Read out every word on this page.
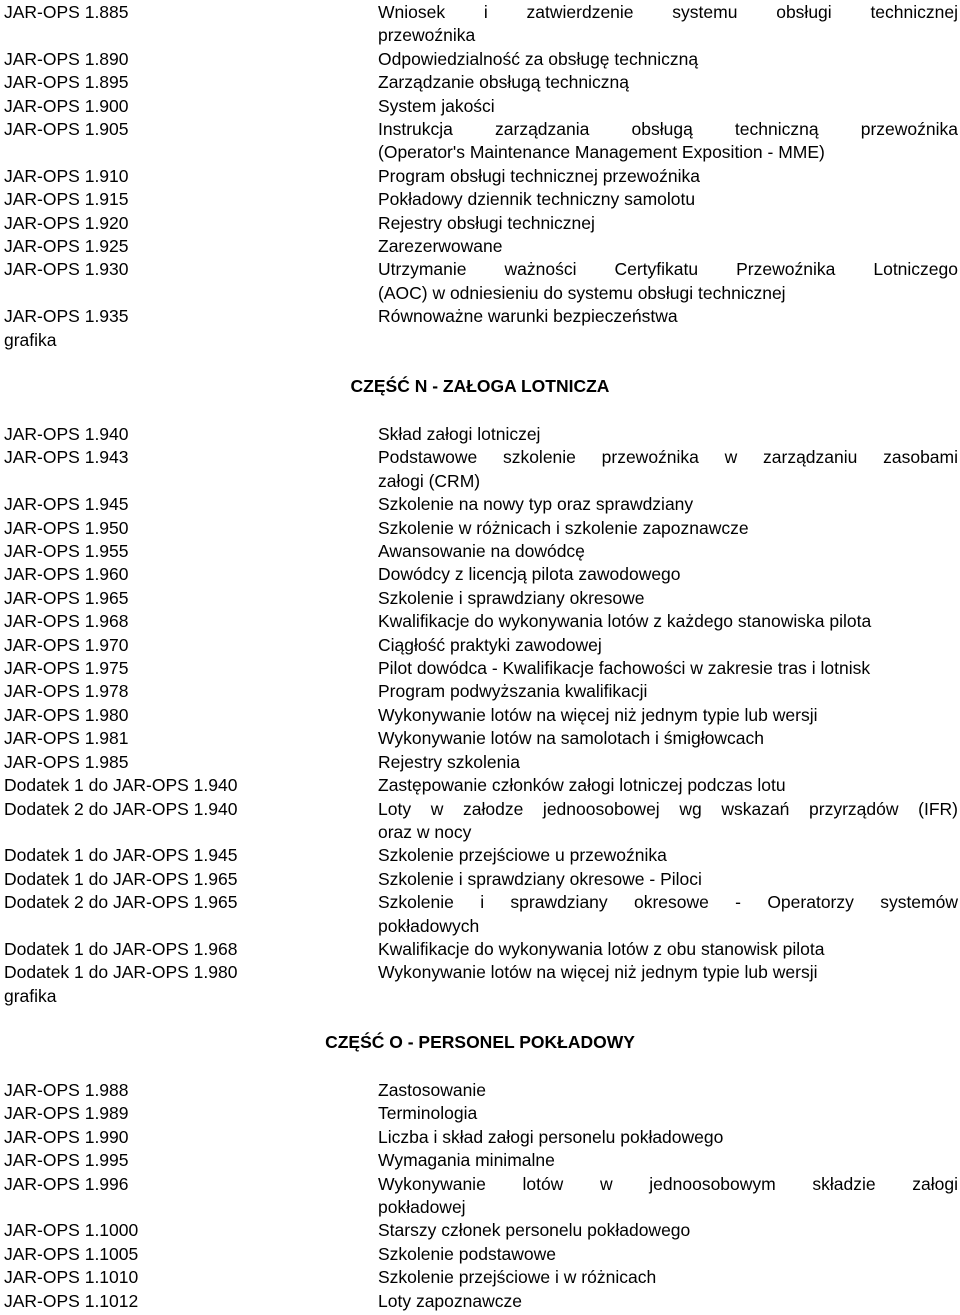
JAR-OPS 1.885	Wniosek i zatwierdzenie systemu obsługi technicznej
przewoźnika
JAR-OPS 1.890	Odpowiedzialność za obsługę techniczną
JAR-OPS 1.895	Zarządzanie obsługą techniczną
JAR-OPS 1.900	System jakości
JAR-OPS 1.905	Instrukcja zarządzania obsługą techniczną przewoźnika
(Operator's Maintenance Management Exposition - MME)
JAR-OPS 1.910	Program obsługi technicznej przewoźnika
JAR-OPS 1.915	Pokładowy dziennik techniczny samolotu
JAR-OPS 1.920	Rejestry obsługi technicznej
JAR-OPS 1.925	Zarezerwowane
JAR-OPS 1.930	Utrzymanie ważności Certyfikatu Przewoźnika Lotniczego
(AOC) w odniesieniu do systemu obsługi technicznej
JAR-OPS 1.935	Równoważne warunki bezpieczeństwa
grafika
CZĘŚĆ N - ZAŁOGA LOTNICZA
JAR-OPS 1.940	Skład załogi lotniczej
JAR-OPS 1.943	Podstawowe szkolenie przewoźnika w zarządzaniu zasobami
załogi (CRM)
JAR-OPS 1.945	Szkolenie na nowy typ oraz sprawdziany
JAR-OPS 1.950	Szkolenie w różnicach i szkolenie zapoznawcze
JAR-OPS 1.955	Awansowanie na dowódcę
JAR-OPS 1.960	Dowódcy z licencją pilota zawodowego
JAR-OPS 1.965	Szkolenie i sprawdziany okresowe
JAR-OPS 1.968	Kwalifikacje do wykonywania lotów z każdego stanowiska pilota
JAR-OPS 1.970	Ciągłość praktyki zawodowej
JAR-OPS 1.975	Pilot dowódca - Kwalifikacje fachowości w zakresie tras i lotnisk
JAR-OPS 1.978	Program podwyższania kwalifikacji
JAR-OPS 1.980	Wykonywanie lotów na więcej niż jednym typie lub wersji
JAR-OPS 1.981	Wykonywanie lotów na samolotach i śmigłowcach
JAR-OPS 1.985	Rejestry szkolenia
Dodatek 1 do JAR-OPS 1.940	Zastępowanie członków załogi lotniczej podczas lotu
Dodatek 2 do JAR-OPS 1.940	Loty w załodze jednoosobowej wg wskazań przyrządów (IFR)
oraz w nocy
Dodatek 1 do JAR-OPS 1.945	Szkolenie przejściowe u przewoźnika
Dodatek 1 do JAR-OPS 1.965	Szkolenie i sprawdziany okresowe - Piloci
Dodatek 2 do JAR-OPS 1.965	Szkolenie i sprawdziany okresowe - Operatorzy systemów
pokładowych
Dodatek 1 do JAR-OPS 1.968	Kwalifikacje do wykonywania lotów z obu stanowisk pilota
Dodatek 1 do JAR-OPS 1.980	Wykonywanie lotów na więcej niż jednym typie lub wersji
grafika
CZĘŚĆ O - PERSONEL POKŁADOWY
JAR-OPS 1.988	Zastosowanie
JAR-OPS 1.989	Terminologia
JAR-OPS 1.990	Liczba i skład załogi personelu pokładowego
JAR-OPS 1.995	Wymagania minimalne
JAR-OPS 1.996	Wykonywanie lotów w jednoosobowym składzie załogi
pokładowej
JAR-OPS 1.1000	Starszy członek personelu pokładowego
JAR-OPS 1.1005	Szkolenie podstawowe
JAR-OPS 1.1010	Szkolenie przejściowe i w różnicach
JAR-OPS 1.1012	Loty zapoznawcze
